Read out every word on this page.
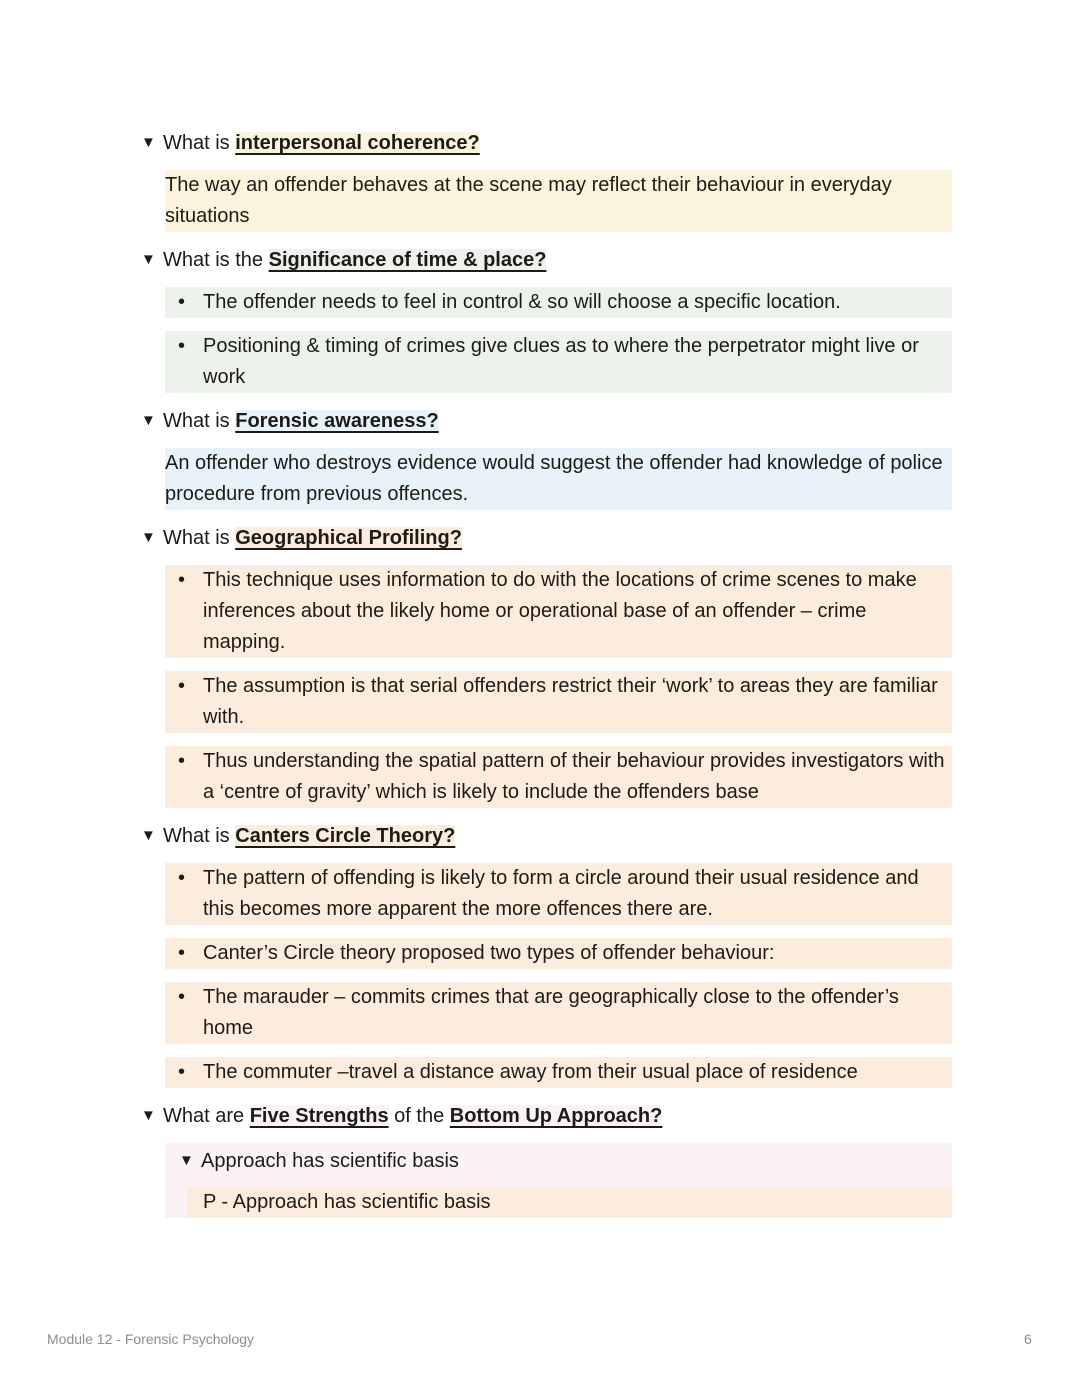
▼ What is interpersonal coherence?
The way an offender behaves at the scene may reflect their behaviour in everyday situations
▼ What is the Significance of time & place?
• The offender needs to feel in control & so will choose a specific location.
• Positioning & timing of crimes give clues as to where the perpetrator might live or work
▼ What is Forensic awareness?
An offender who destroys evidence would suggest the offender had knowledge of police procedure from previous offences.
▼ What is Geographical Profiling?
• This technique uses information to do with the locations of crime scenes to make inferences about the likely home or operational base of an offender – crime mapping.
• The assumption is that serial offenders restrict their ‘work’ to areas they are familiar with.
• Thus understanding the spatial pattern of their behaviour provides investigators with a ‘centre of gravity’ which is likely to include the offenders base
▼ What is Canters Circle Theory?
• The pattern of offending is likely to form a circle around their usual residence and this becomes more apparent the more offences there are.
• Canter’s Circle theory proposed two types of offender behaviour:
• The marauder – commits crimes that are geographically close to the offender’s home
• The commuter –travel a distance away from their usual place of residence
▼ What are Five Strengths of the Bottom Up Approach?
▼ Approach has scientific basis
P - Approach has scientific basis
Module 12 - Forensic Psychology	6
